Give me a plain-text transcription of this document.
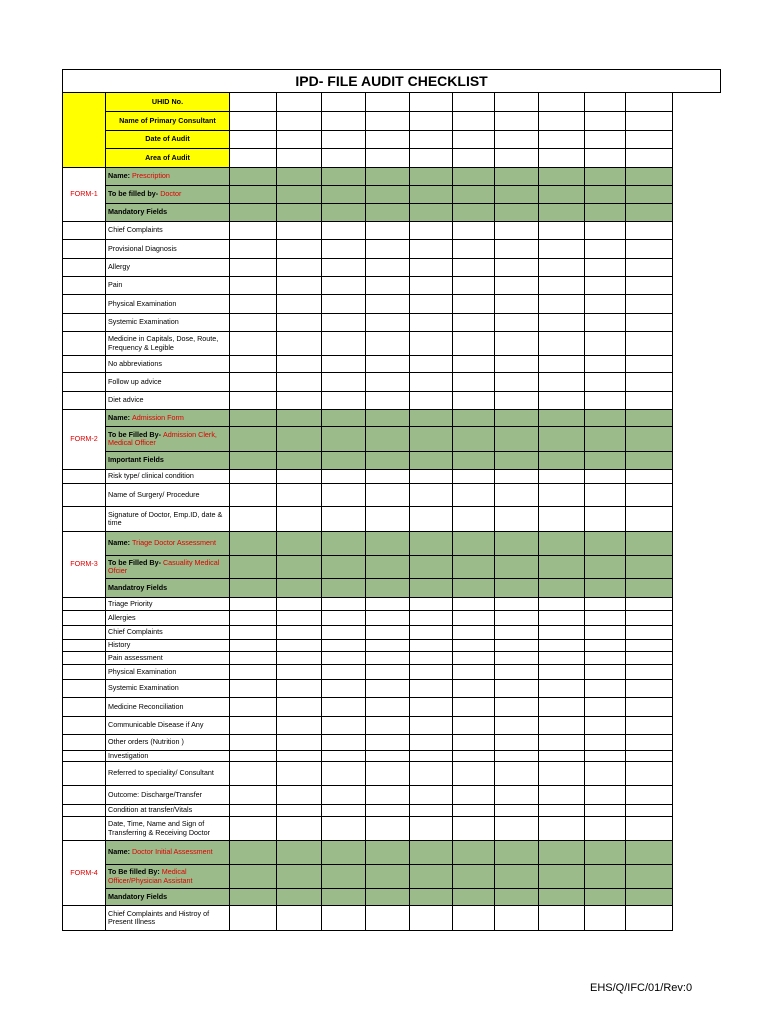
IPD- FILE AUDIT CHECKLIST											
	UHID No.										
	Name of Primary Consultant										
	Date of Audit										
	Area of Audit										
FORM-1	Name: Prescription										
	To be filled by- Doctor										
	Mandatory Fields										
	Chief Complaints										
	Provisional Diagnosis										
	Allergy										
	Pain										
	Physical Examination										
	Systemic Examination										
	Medicine in Capitals, Dose, Route, Frequency & Legible										
	No abbreviations										
	Follow up advice										
	Diet advice										
FORM-2	Name: Admission Form										
	To be Filled By- Admission Clerk, Medical Officer										
	Important Fields										
	Risk type/ clinical condition										
	Name of Surgery/ Procedure										
	Signature of Doctor, Emp.ID, date & time										
FORM-3	Name: Triage Doctor Assessment										
	To be Filled By- Casuality Medical Ofcier										
	Mandatroy Fields										
	Triage Priority										
	Allergies										
	Chief Complaints										
	History										
	Pain assessment										
	Physical Examination										
	Systemic Examination										
	Medicine Reconciliation										
	Communicable Disease if Any										
	Other orders (Nutrition )										
	Investigation										
	Referred to speciality/ Consultant										
	Outcome: Discharge/Transfer										
	Condition at transfer/Vitals										
	Date, Time, Name and Sign of Transferring & Receiving Doctor										
FORM-4	Name: Doctor Initial Assessment										
	To Be filled By: Medical Officer/Physician Assistant										
	Mandatory Fields										
	Chief Complaints and Histroy of Present Illness										
EHS/Q/IFC/01/Rev:0
